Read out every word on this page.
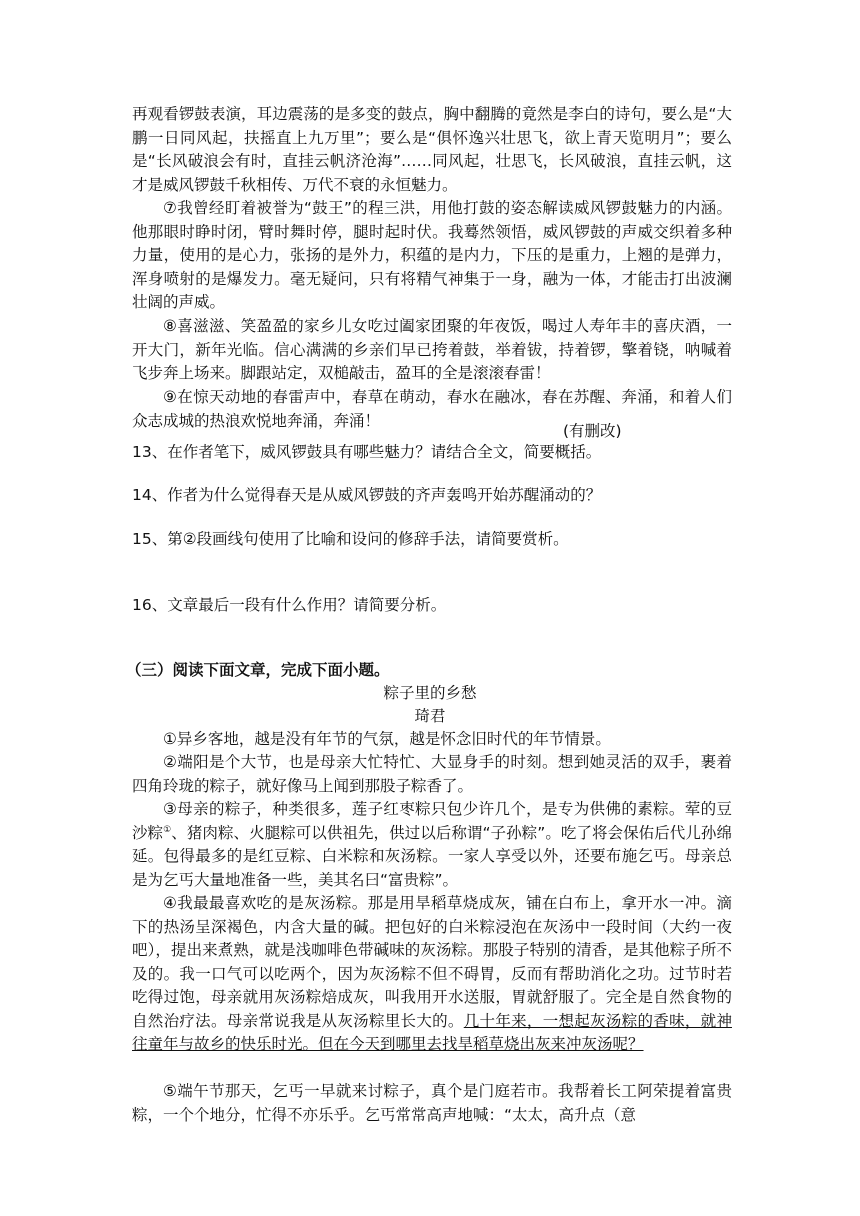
再观看锣鼓表演，耳边震荡的是多变的鼓点，胸中翻腾的竟然是李白的诗句，要么是“大鹏一日同风起，扶摇直上九万里”；要么是“俱怀逸兴壮思飞，欲上青天览明月”；要么是“长风破浪会有时，直挂云帆济沧海”……同风起，壮思飞，长风破浪，直挂云帆，这才是威风锣鼓千秋相传、万代不衰的永恒魅力。

⑦我曾经盯着被誉为“鼓王”的程三洪，用他打鼓的姿态解读威风锣鼓魅力的内涵。他那眼时睁时闭，臂时舞时停，腿时起时伏。我蓦然领悟，威风锣鼓的声威交织着多种力量，使用的是心力，张扬的是外力，积蕴的是内力，下压的是重力，上翘的是弹力，浑身喷射的是爆发力。毫无疑问，只有将精气神集于一身，融为一体，才能击打出波澜壮阔的声威。

⑧喜滋滋、笑盈盈的家乡儿女吃过阖家团聚的年夜饭，喝过人寿年丰的喜庆酒，一开大门，新年光临。信心满满的乡亲们早已挎着鼓，举着钹，持着锣，擎着铙，呐喊着飞步奔上场来。脚跟站定，双槌敲击，盈耳的全是滚滚春雷！

⑨在惊天动地的春雷声中，春草在萌动，春水在融冰，春在苏醒、奔涌，和着人们众志成城的热浪欢悦地奔涌，奔涌！

(有删改)

13、在作者笔下，威风锣鼓具有哪些魅力？请结合全文，简要概括。

14、作者为什么觉得春天是从威风锣鼓的齐声轰鸣开始苏醒涌动的？

15、第②段画线句使用了比喻和设问的修辞手法，请简要赏析。

16、文章最后一段有什么作用？请简要分析。

（三）阅读下面文章，完成下面小题。

粽子里的乡愁

琦君

①异乡客地，越是没有年节的气氛，越是怀念旧时代的年节情景。

②端阳是个大节，也是母亲大忙特忙、大显身手的时刻。想到她灵活的双手，裹着四角玲珑的粽子，就好像马上闻到那股子粽香了。

③母亲的粽子，种类很多，莲子红枣粽只包少许几个，是专为供佛的素粽。荤的豆沙粽①、猪肉粽、火腿粽可以供祖先，供过以后称谓“子孙粽”。吃了将会保佑后代儿孙绵延。包得最多的是红豆粽、白米粽和灰汤粽。一家人享受以外，还要布施乞丐。母亲总是为乞丐大量地准备一些，美其名曰“富贵粽”。

④我最最喜欢吃的是灰汤粽。那是用旱稻草烧成灰，铺在白布上，拿开水一冲。滴下的热汤呈深褐色，内含大量的碱。把包好的白米粽浸泡在灰汤中一段时间（大约一夜吧），提出来煮熟，就是浅咖啡色带碱味的灰汤粽。那股子特别的清香，是其他粽子所不及的。我一口气可以吃两个，因为灰汤粽不但不碍胃，反而有帮助消化之功。过节时若吃得过饱，母亲就用灰汤粽焙成灰，叫我用开水送服，胃就舒服了。完全是自然食物的自然治疗法。母亲常说我是从灰汤粽里长大的。几十年来，一想起灰汤粽的香味，就神往童年与故乡的快乐时光。但在今天到哪里去找旱稻草烧出灰来冲灰汤呢？

⑤端午节那天，乞丐一早就来讨粽子，真个是门庭若市。我帮着长工阿荣提着富贵粽，一个个地分，忙得不亦乐乎。乞丐常常高声地喊：“太太，高升点（意
